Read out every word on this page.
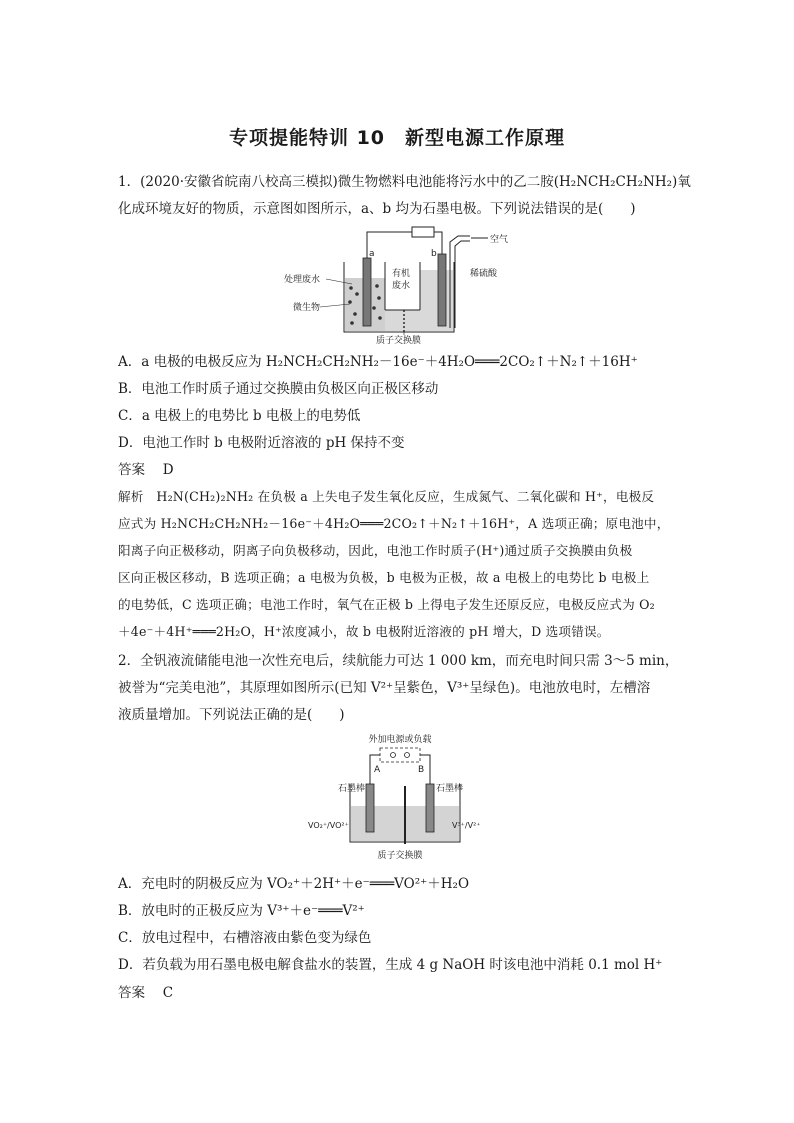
专项提能特训 10　新型电源工作原理
1．(2020·安徽省皖南八校高三模拟)微生物燃料电池能将污水中的乙二胺(H₂NCH₂CH₂NH₂)氧
化成环境友好的物质，示意图如图所示，a、b 均为石墨电极。下列说法错误的是(　　)
a	b
空气
处理废水
有机
废水
稀硫酸
微生物
质子交换膜
A．a 电极的电极反应为 H₂NCH₂CH₂NH₂－16e⁻＋4H₂O═══2CO₂↑＋N₂↑＋16H⁺
B．电池工作时质子通过交换膜由负极区向正极区移动
C．a 电极上的电势比 b 电极上的电势低
D．电池工作时 b 电极附近溶液的 pH 保持不变
答案　 D
解析　H₂N(CH₂)₂NH₂ 在负极 a 上失电子发生氧化反应，生成氮气、二氧化碳和 H⁺，电极反
应式为 H₂NCH₂CH₂NH₂－16e⁻＋4H₂O═══2CO₂↑＋N₂↑＋16H⁺，A 选项正确；原电池中，
阳离子向正极移动，阴离子向负极移动，因此，电池工作时质子(H⁺)通过质子交换膜由负极
区向正极区移动，B 选项正确；a 电极为负极，b 电极为正极，故 a 电极上的电势比 b 电极上
的电势低，C 选项正确；电池工作时，氧气在正极 b 上得电子发生还原反应，电极反应式为 O₂
＋4e⁻＋4H⁺═══2H₂O，H⁺浓度减小，故 b 电极附近溶液的 pH 增大，D 选项错误。
2．全钒液流储能电池一次性充电后，续航能力可达 1 000 km，而充电时间只需 3～5 min，
被誉为“完美电池”，其原理如图所示(已知 V²⁺呈紫色，V³⁺呈绿色)。电池放电时，左槽溶
液质量增加。下列说法正确的是(　　)
外加电源或负载
A	B
石墨棒	石墨棒
VO₂⁺/VO²⁺	V³⁺/V²⁺
质子交换膜
A．充电时的阴极反应为 VO₂⁺＋2H⁺＋e⁻═══VO²⁺＋H₂O
B．放电时的正极反应为 V³⁺＋e⁻═══V²⁺
C．放电过程中，右槽溶液由紫色变为绿色
D．若负载为用石墨电极电解食盐水的装置，生成 4 g NaOH 时该电池中消耗 0.1 mol H⁺
答案　 C
